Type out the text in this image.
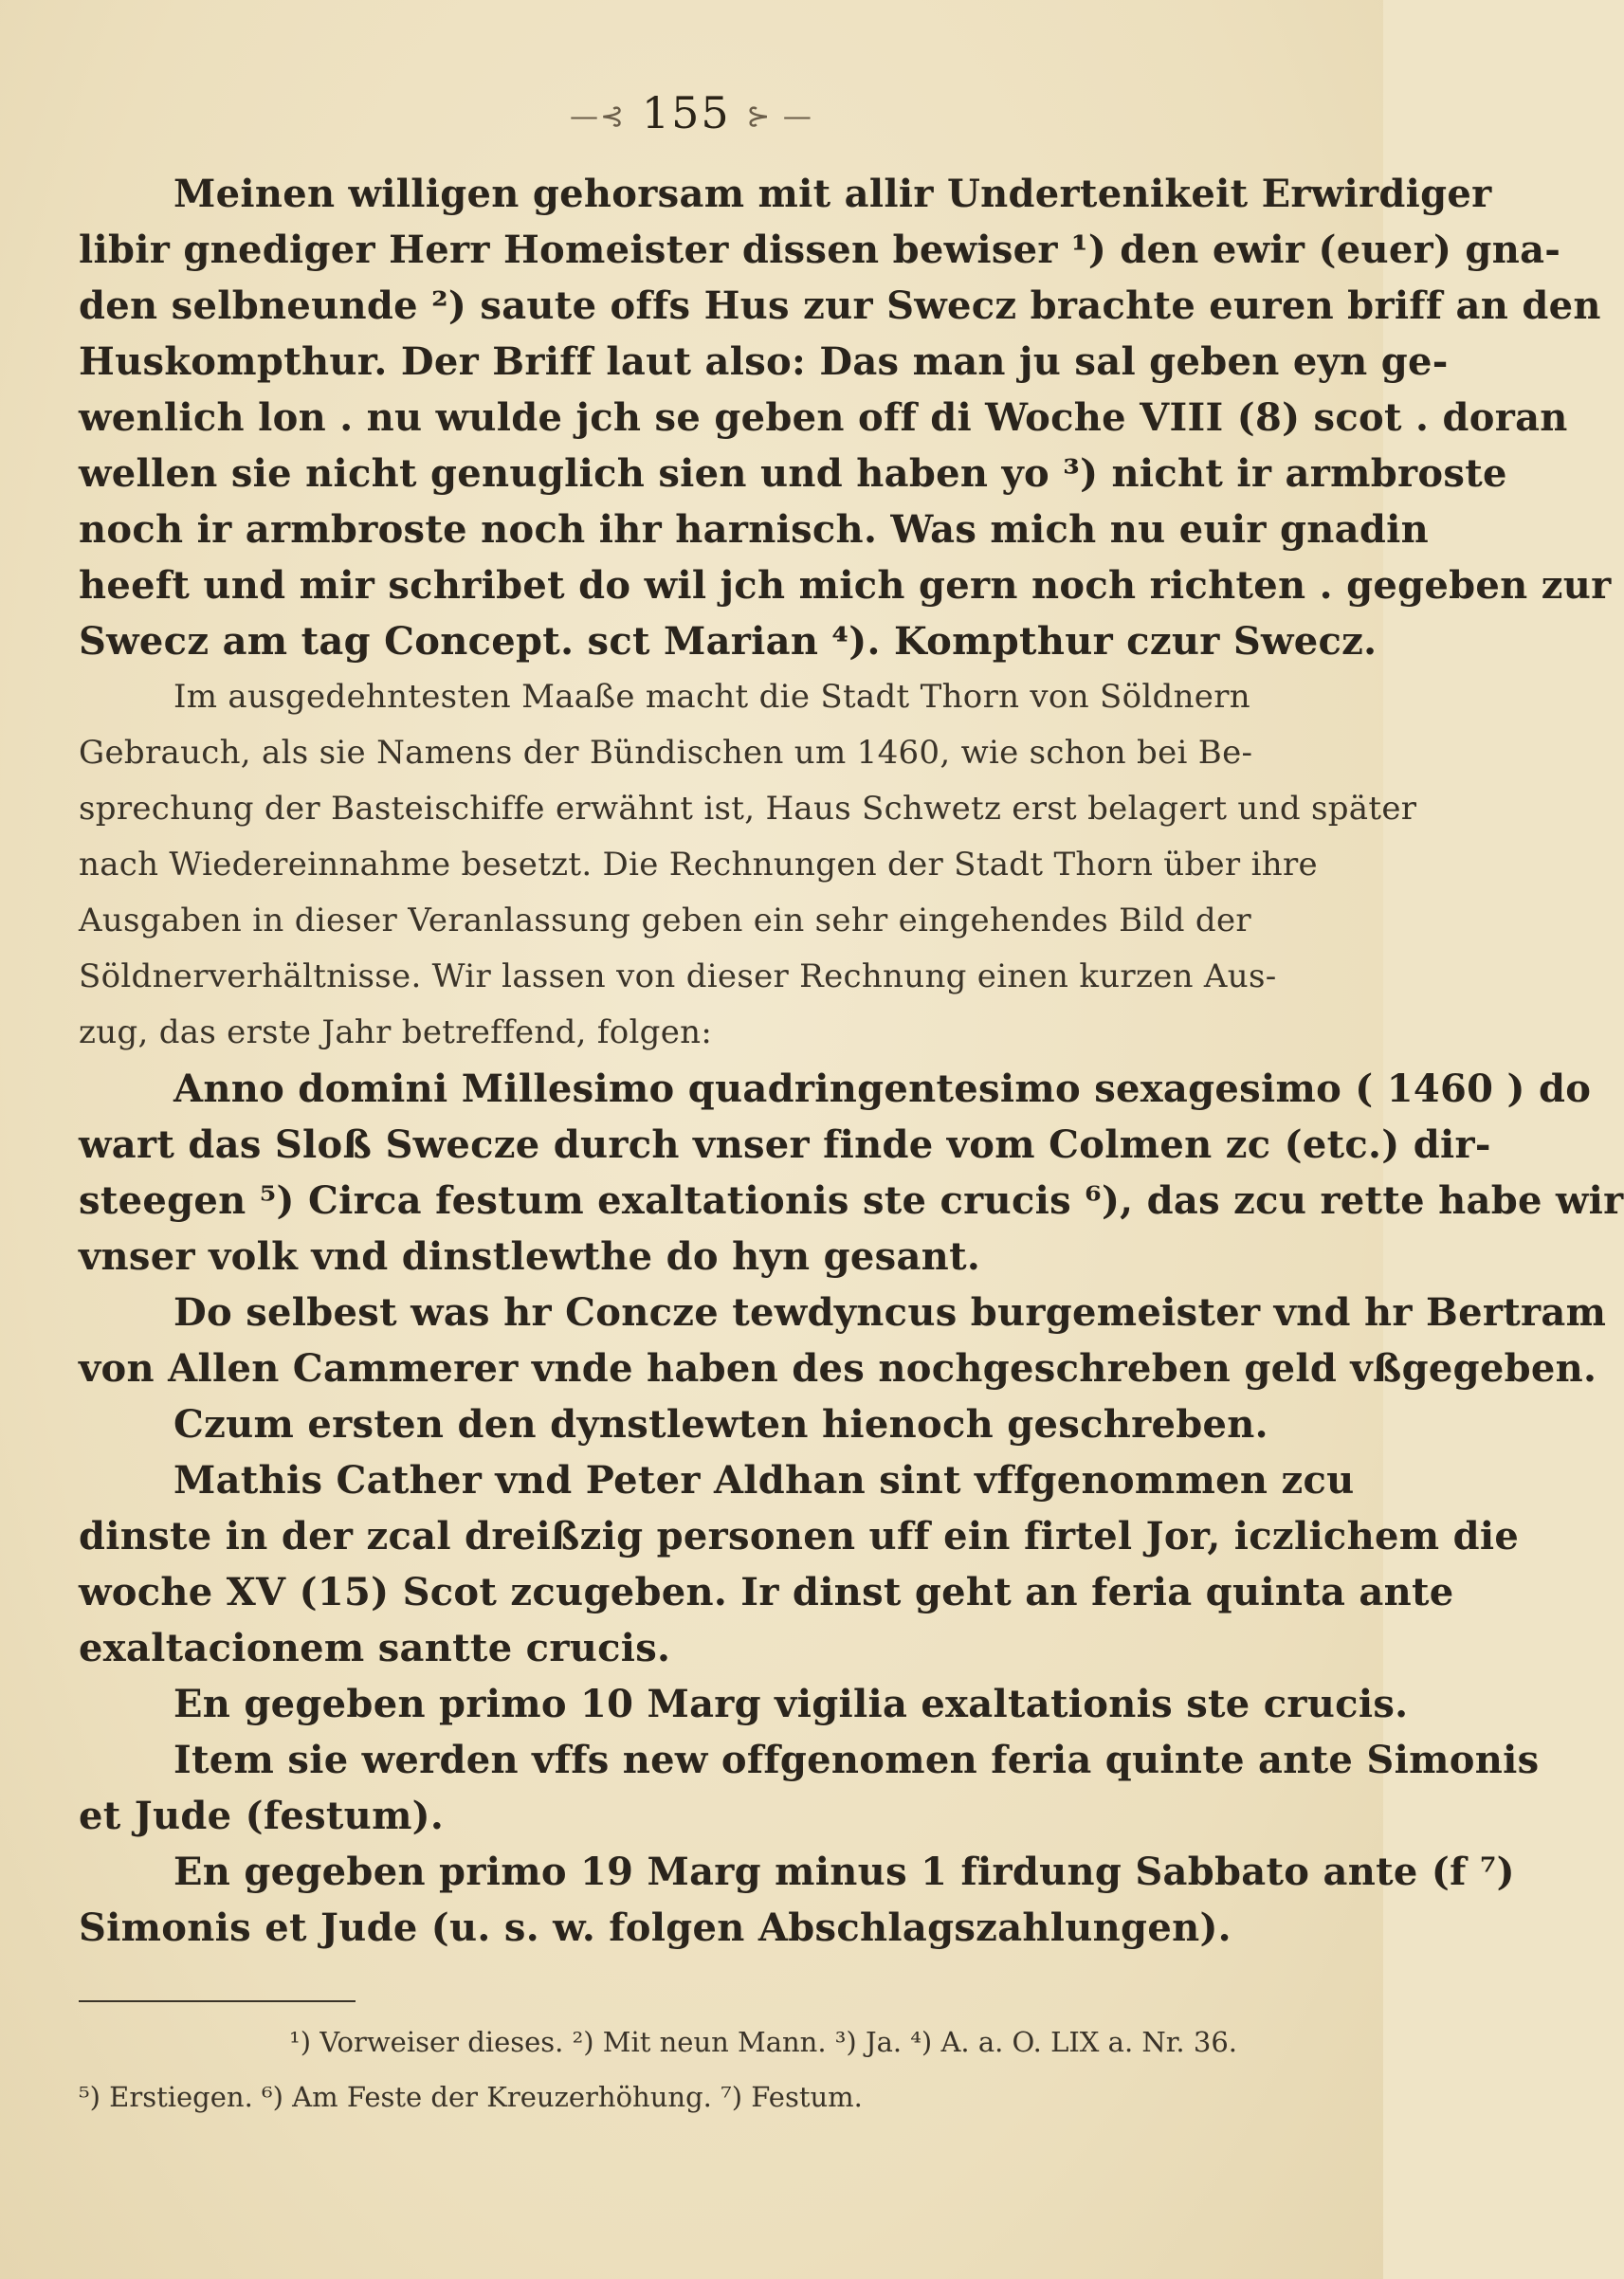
—⊰ 155 ⊱ —
Meinen willigen gehorsam mit allir Undertenikeit Erwirdiger
libir gnediger Herr Homeister dissen bewiser ¹) den ewir (euer) gna-
den selbneunde ²) saute offs Hus zur Swecz brachte euren briff an den
Huskompthur. Der Briff laut also: Das man ju sal geben eyn ge-
wenlich lon . nu wulde jch se geben off di Woche VIII (8) scot . doran
wellen sie nicht genuglich sien und haben yo ³) nicht ir armbroste
noch ir armbroste noch ihr harnisch. Was mich nu euir gnadin
heeft und mir schribet do wil jch mich gern noch richten . gegeben zur
Swecz am tag Concept. sct Marian ⁴). Kompthur czur Swecz.
Im ausgedehntesten Maaße macht die Stadt Thorn von Söldnern
Gebrauch, als sie Namens der Bündischen um 1460, wie schon bei Be-
sprechung der Basteischiffe erwähnt ist, Haus Schwetz erst belagert und später
nach Wiedereinnahme besetzt. Die Rechnungen der Stadt Thorn über ihre
Ausgaben in dieser Veranlassung geben ein sehr eingehendes Bild der
Söldnerverhältnisse. Wir lassen von dieser Rechnung einen kurzen Aus-
zug, das erste Jahr betreffend, folgen:
Anno domini Millesimo quadringentesimo sexagesimo ( 1460 ) do
wart das Sloß Swecze durch vnser finde vom Colmen zc (etc.) dir-
steegen ⁵) Circa festum exaltationis ste crucis ⁶), das zcu rette habe wir
vnser volk vnd dinstlewthe do hyn gesant.
Do selbest was hr Concze tewdyncus burgemeister vnd hr Bertram
von Allen Cammerer vnde haben des nochgeschreben geld vßgegeben.
Czum ersten den dynstlewten hienoch geschreben.
Mathis Cather vnd Peter Aldhan sint vffgenommen zcu
dinste in der zcal dreißzig personen uff ein firtel Jor, iczlichem die
woche XV (15) Scot zcugeben. Ir dinst geht an feria quinta ante
exaltacionem santte crucis.
En gegeben primo 10 Marg vigilia exaltationis ste crucis.
Item sie werden vffs new offgenomen feria quinte ante Simonis
et Jude (festum).
En gegeben primo 19 Marg minus 1 firdung Sabbato ante (f ⁷)
Simonis et Jude (u. s. w. folgen Abschlagszahlungen).
¹) Vorweiser dieses. ²) Mit neun Mann. ³) Ja. ⁴) A. a. O. LIX a. Nr. 36.
⁵) Erstiegen. ⁶) Am Feste der Kreuzerhöhung. ⁷) Festum.
